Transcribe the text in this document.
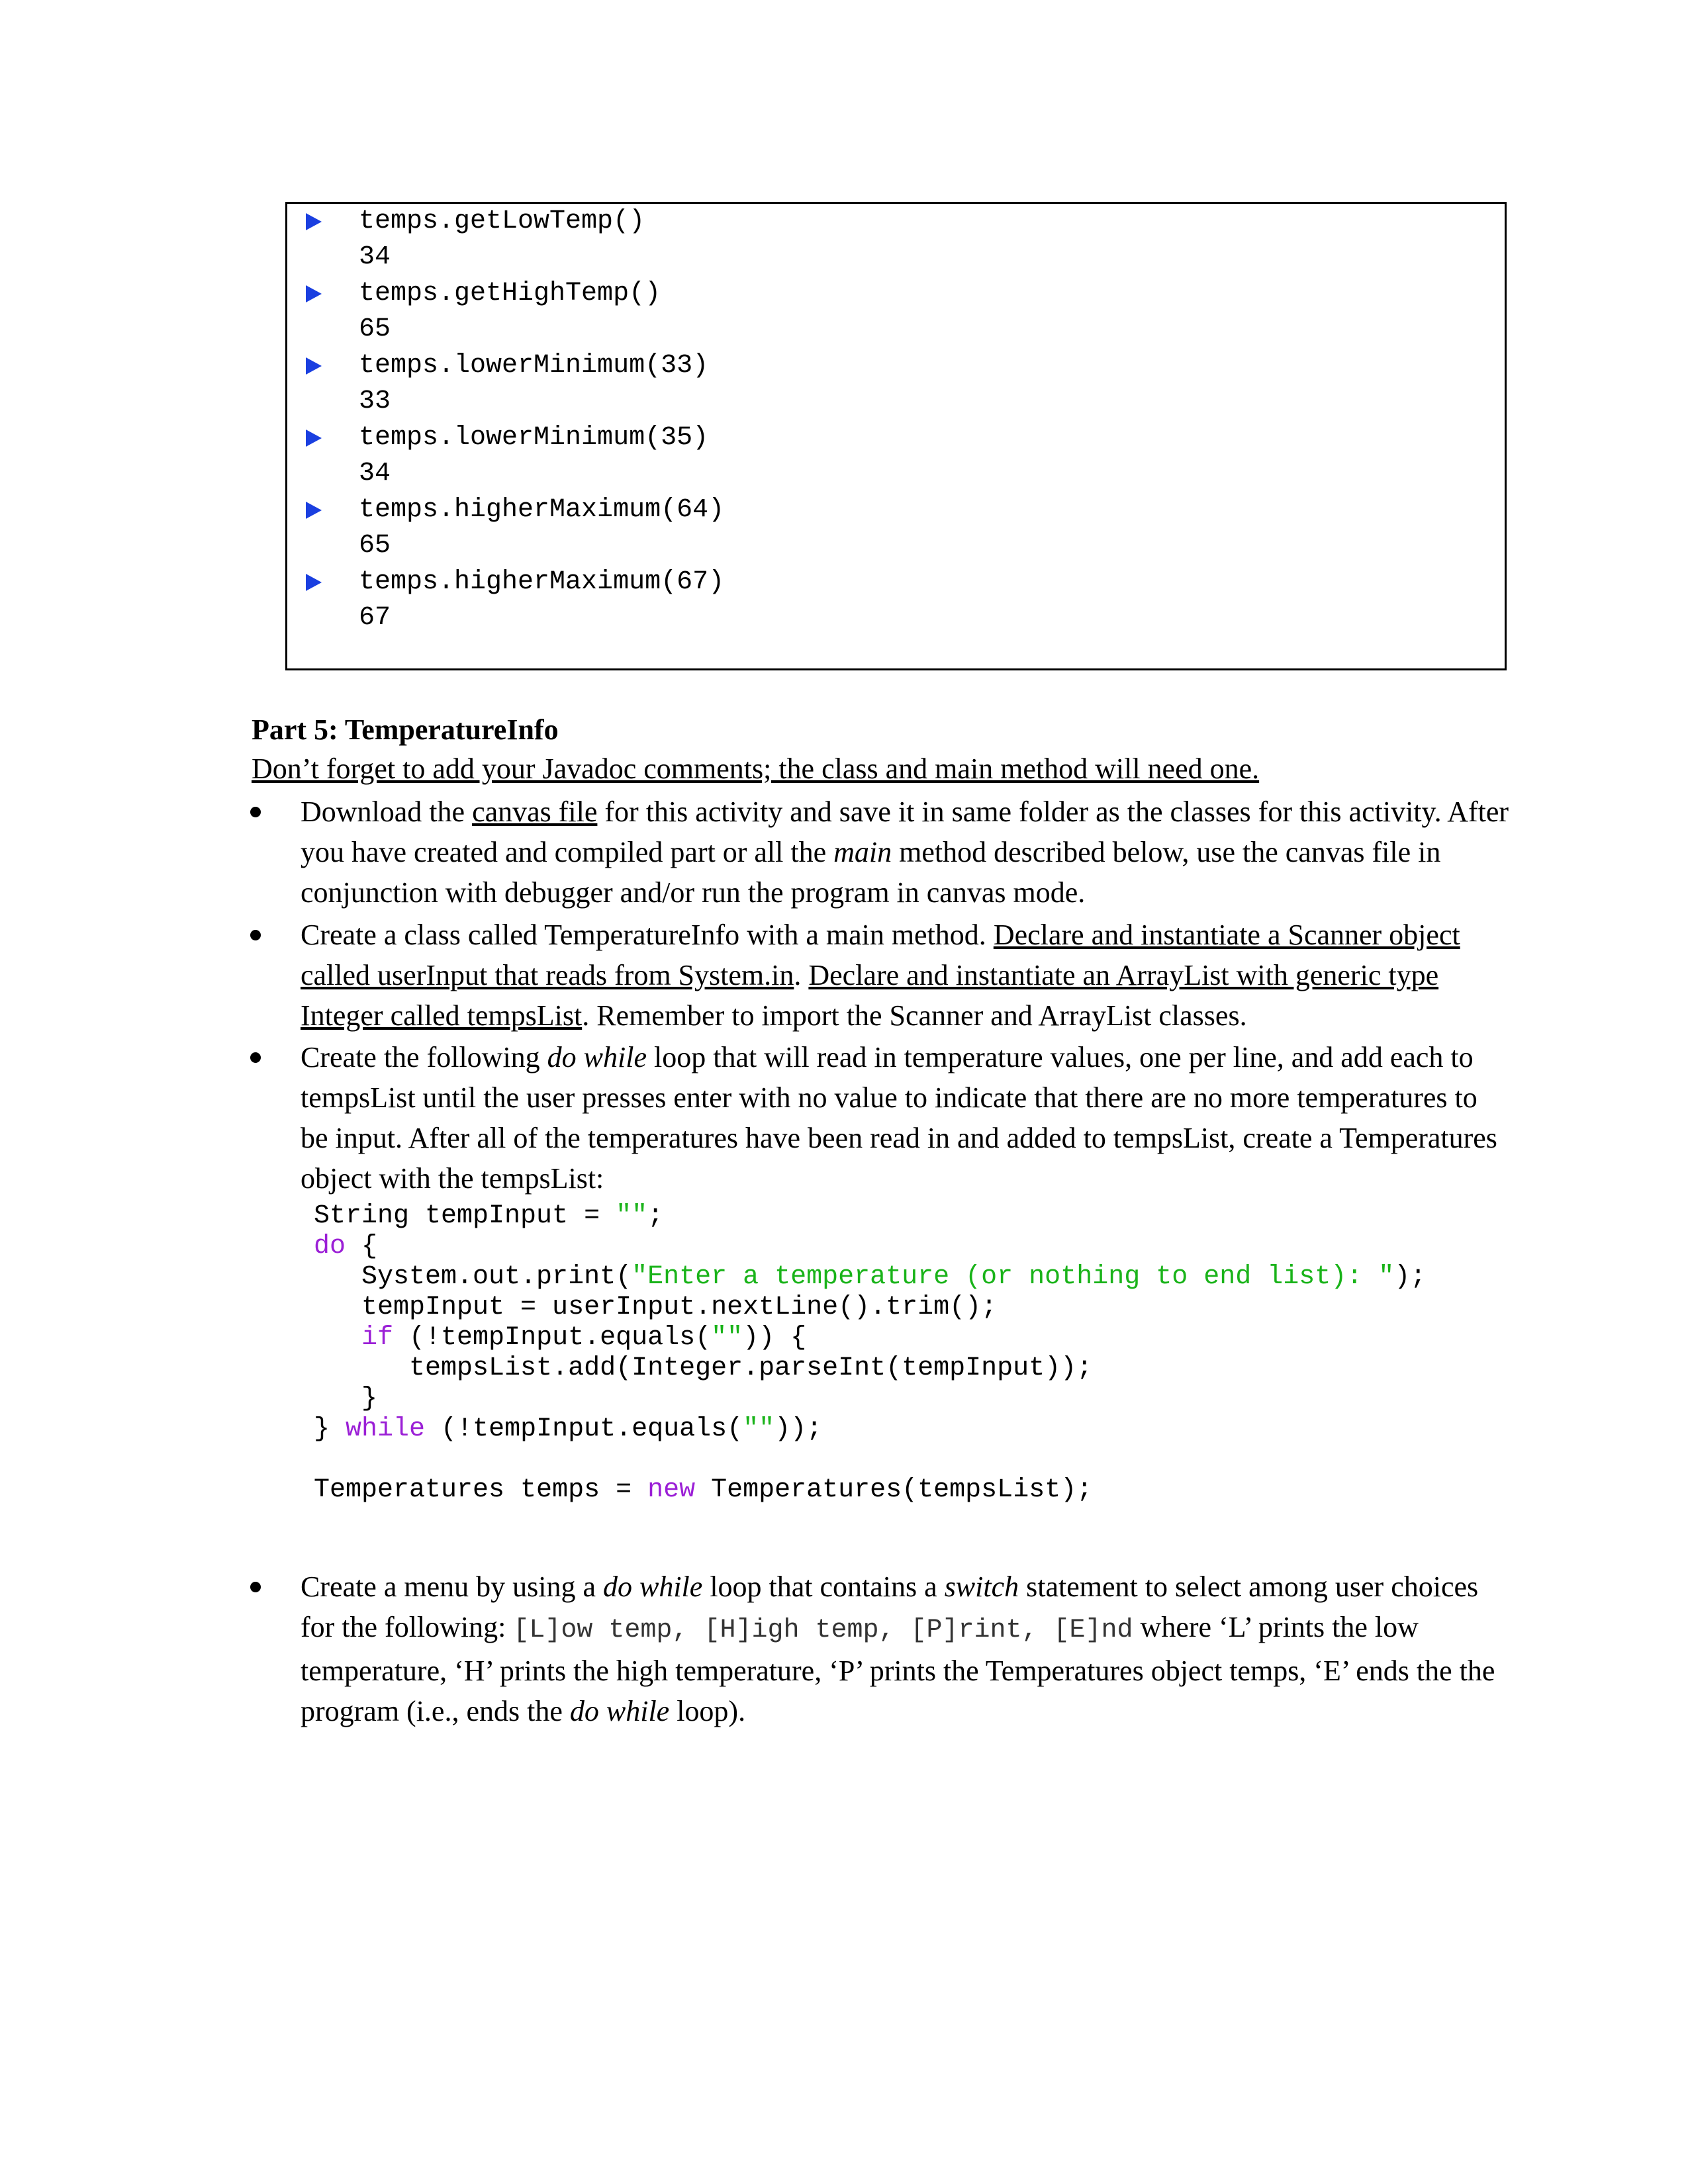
temps.getLowTemp()
34
temps.getHighTemp()
65
temps.lowerMinimum(33)
33
temps.lowerMinimum(35)
34
temps.higherMaximum(64)
65
temps.higherMaximum(67)
67
Part 5: TemperatureInfo
Don’t forget to add your Javadoc comments; the class and main method will need one.
Download the canvas file for this activity and save it in same folder as the classes for this activity. After you have created and compiled part or all the main method described below, use the canvas file in conjunction with debugger and/or run the program in canvas mode.
Create a class called TemperatureInfo with a main method. Declare and instantiate a Scanner object called userInput that reads from System.in. Declare and instantiate an ArrayList with generic type Integer called tempsList. Remember to import the Scanner and ArrayList classes.
Create the following do while loop that will read in temperature values, one per line, and add each to tempsList until the user presses enter with no value to indicate that there are no more temperatures to be input. After all of the temperatures have been read in and added to tempsList, create a Temperatures object with the tempsList:
String tempInput = "";
do {
System.out.print("Enter a temperature (or nothing to end list): ");
tempInput = userInput.nextLine().trim();
if (!tempInput.equals("")) {
tempsList.add(Integer.parseInt(tempInput));
}
} while (!tempInput.equals(""));

Temperatures temps = new Temperatures(tempsList);
Create a menu by using a do while loop that contains a switch statement to select among user choices for the following: [L]ow temp, [H]igh temp, [P]rint, [E]nd where ‘L’ prints the low temperature, ‘H’ prints the high temperature, ‘P’ prints the Temperatures object temps, ‘E’ ends the the program (i.e., ends the do while loop).
